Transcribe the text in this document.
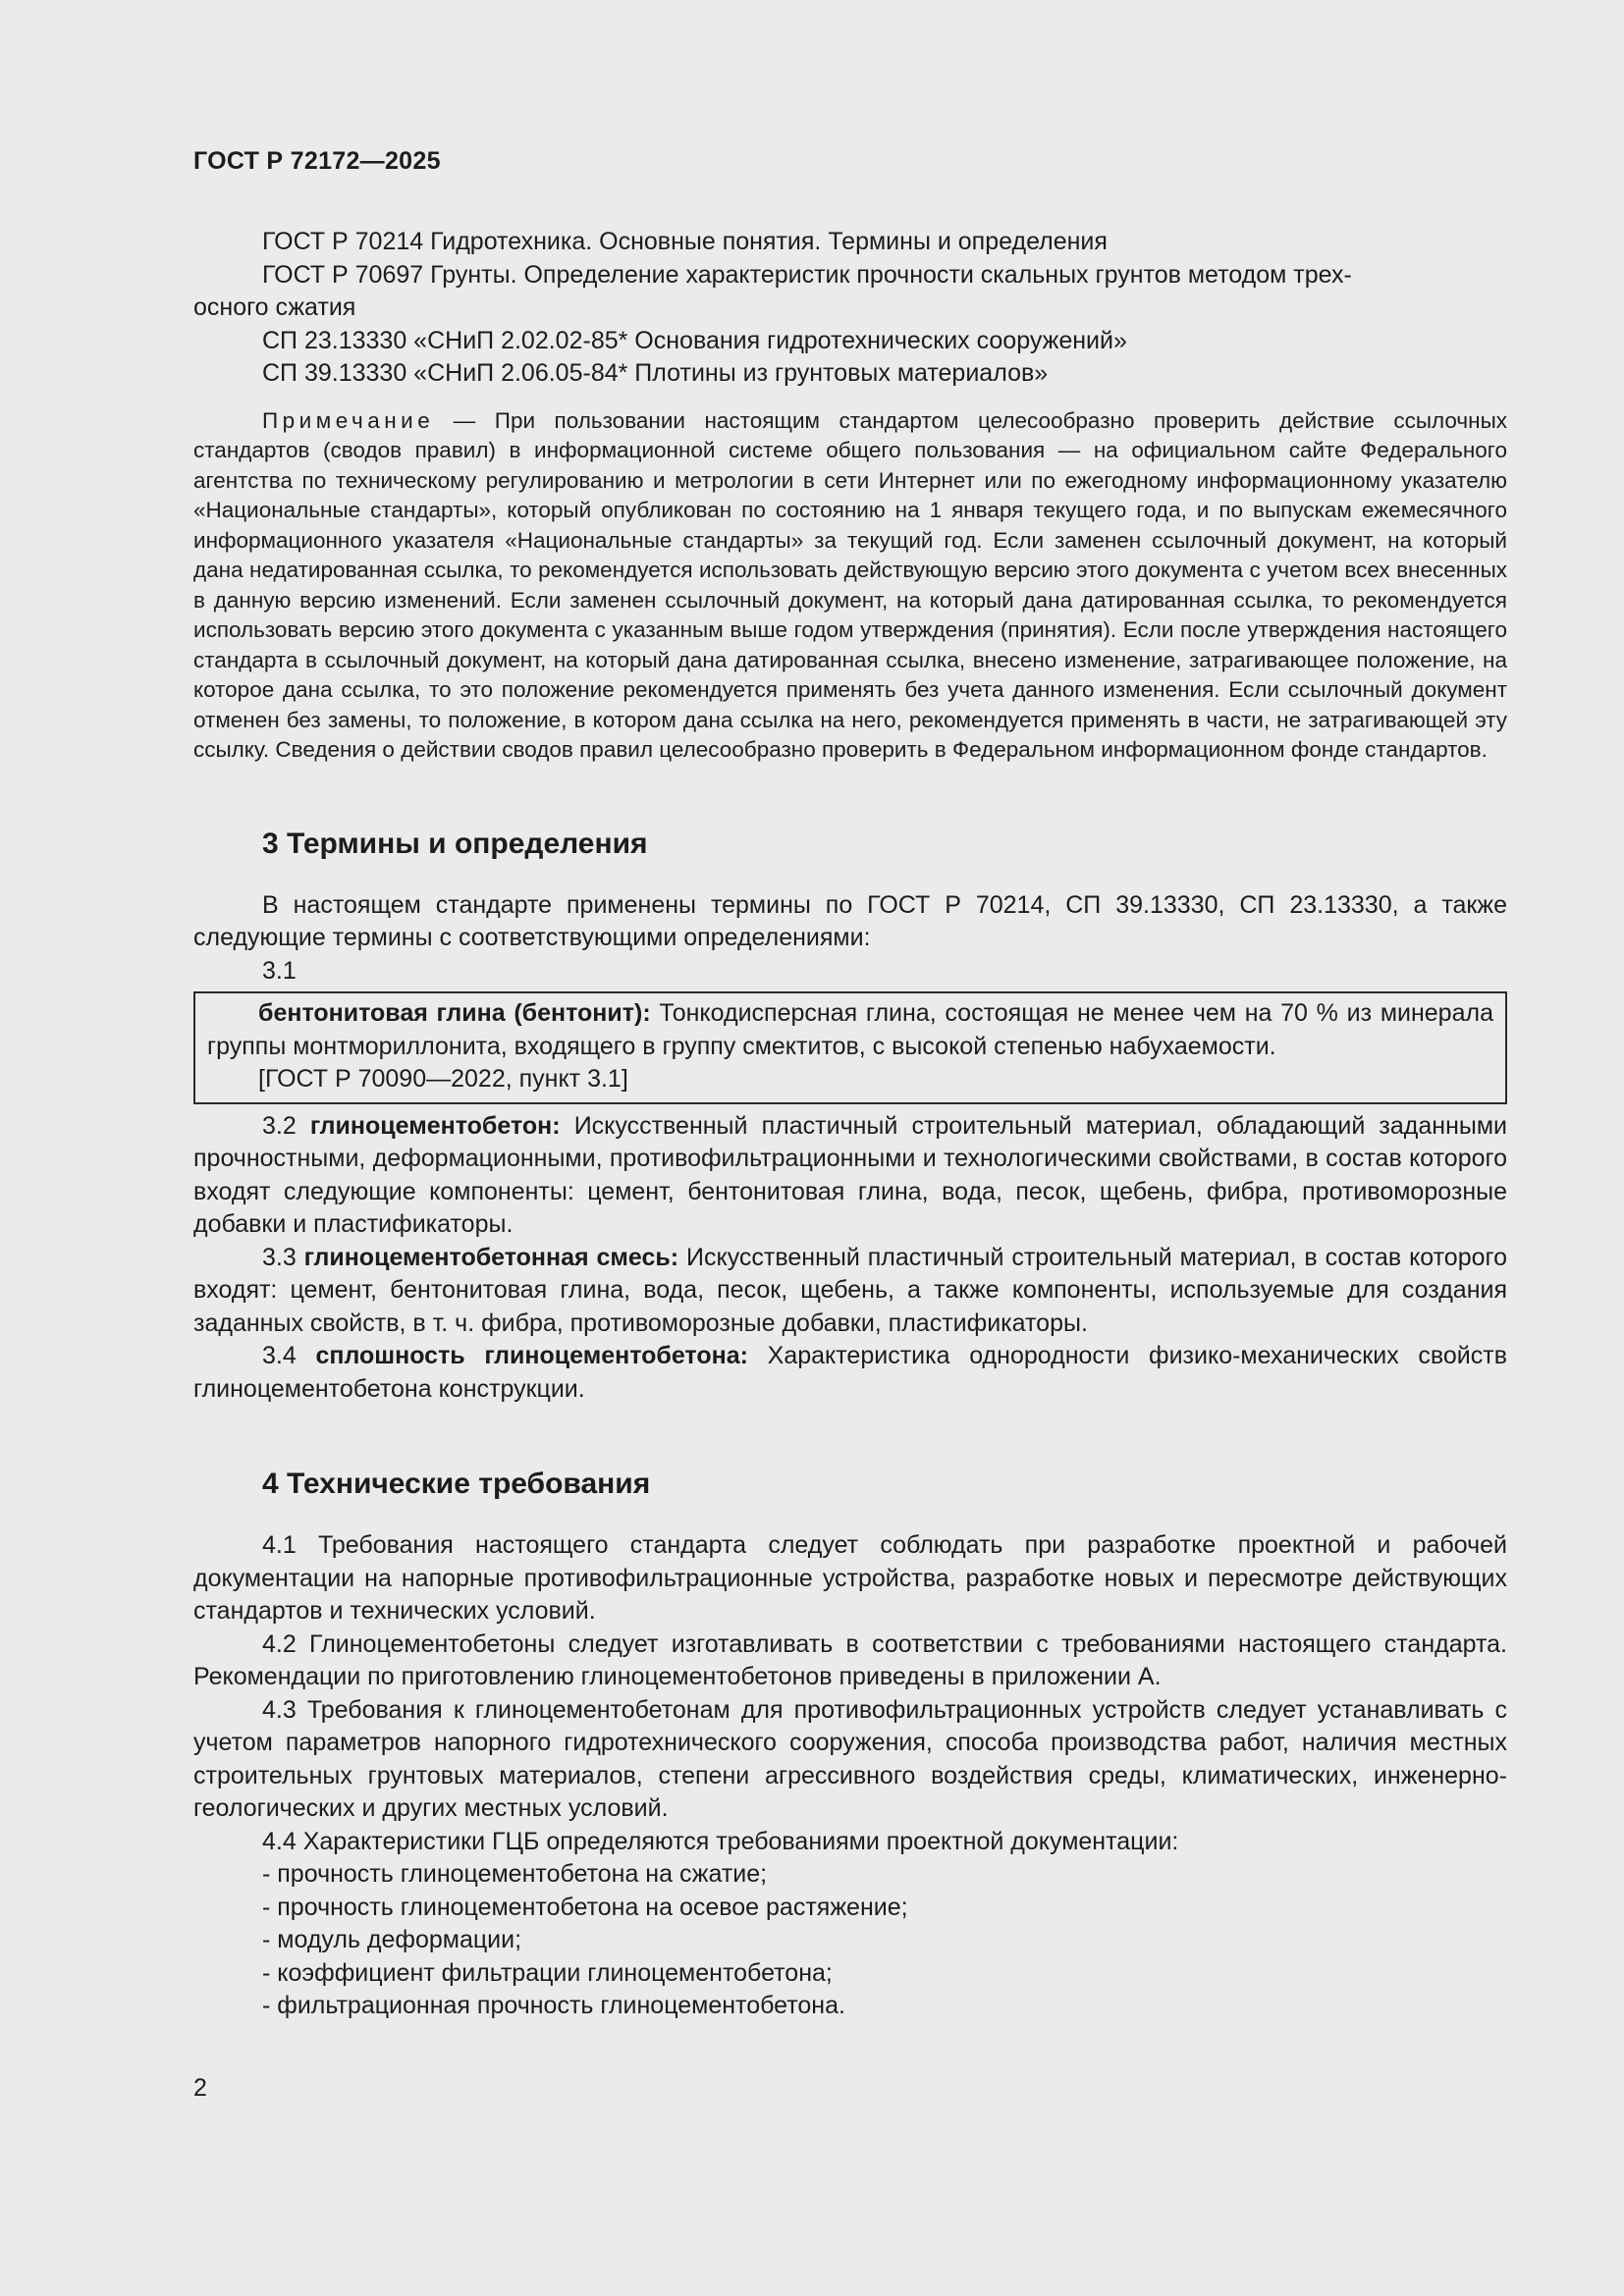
ГОСТ Р 72172—2025
ГОСТ Р 70214 Гидротехника. Основные понятия. Термины и определения
ГОСТ Р 70697 Грунты. Определение характеристик прочности скальных грунтов методом трех-
осного сжатия
СП 23.13330 «СНиП 2.02.02-85* Основания гидротехнических сооружений»
СП 39.13330 «СНиП 2.06.05-84* Плотины из грунтовых материалов»
Примечание — При пользовании настоящим стандартом целесообразно проверить действие ссылочных стандартов (сводов правил) в информационной системе общего пользования — на официальном сайте Федерального агентства по техническому регулированию и метрологии в сети Интернет или по ежегодному информационному указателю «Национальные стандарты», который опубликован по состоянию на 1 января текущего года, и по выпускам ежемесячного информационного указателя «Национальные стандарты» за текущий год. Если заменен ссылочный документ, на который дана недатированная ссылка, то рекомендуется использовать действующую версию этого документа с учетом всех внесенных в данную версию изменений. Если заменен ссылочный документ, на который дана датированная ссылка, то рекомендуется использовать версию этого документа с указанным выше годом утверждения (принятия). Если после утверждения настоящего стандарта в ссылочный документ, на который дана датированная ссылка, внесено изменение, затрагивающее положение, на которое дана ссылка, то это положение рекомендуется применять без учета данного изменения. Если ссылочный документ отменен без замены, то положение, в котором дана ссылка на него, рекомендуется применять в части, не затрагивающей эту ссылку. Сведения о действии сводов правил целесообразно проверить в Федеральном информационном фонде стандартов.
3 Термины и определения
В настоящем стандарте применены термины по ГОСТ Р 70214, СП 39.13330, СП 23.13330, а также следующие термины с соответствующими определениями:
3.1
бентонитовая глина (бентонит): Тонкодисперсная глина, состоящая не менее чем на 70 % из минерала группы монтмориллонита, входящего в группу смектитов, с высокой степенью набухаемости.
[ГОСТ Р 70090—2022, пункт 3.1]
3.2 глиноцементобетон: Искусственный пластичный строительный материал, обладающий заданными прочностными, деформационными, противофильтрационными и технологическими свойствами, в состав которого входят следующие компоненты: цемент, бентонитовая глина, вода, песок, щебень, фибра, противоморозные добавки и пластификаторы.
3.3 глиноцементобетонная смесь: Искусственный пластичный строительный материал, в состав которого входят: цемент, бентонитовая глина, вода, песок, щебень, а также компоненты, используемые для создания заданных свойств, в т. ч. фибра, противоморозные добавки, пластификаторы.
3.4 сплошность глиноцементобетона: Характеристика однородности физико-механических свойств глиноцементобетона конструкции.
4 Технические требования
4.1 Требования настоящего стандарта следует соблюдать при разработке проектной и рабочей документации на напорные противофильтрационные устройства, разработке новых и пересмотре действующих стандартов и технических условий.
4.2 Глиноцементобетоны следует изготавливать в соответствии с требованиями настоящего стандарта. Рекомендации по приготовлению глиноцементобетонов приведены в приложении А.
4.3 Требования к глиноцементобетонам для противофильтрационных устройств следует устанавливать с учетом параметров напорного гидротехнического сооружения, способа производства работ, наличия местных строительных грунтовых материалов, степени агрессивного воздействия среды, климатических, инженерно-геологических и других местных условий.
4.4 Характеристики ГЦБ определяются требованиями проектной документации:
- прочность глиноцементобетона на сжатие;
- прочность глиноцементобетона на осевое растяжение;
- модуль деформации;
- коэффициент фильтрации глиноцементобетона;
- фильтрационная прочность глиноцементобетона.
2
